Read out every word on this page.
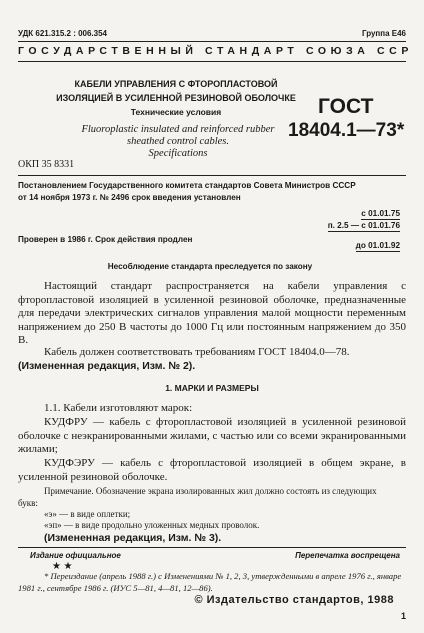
УДК 621.315.2 : 006.354	Группа Е46
ГОСУДАРСТВЕННЫЙ СТАНДАРТ СОЮЗА ССР
КАБЕЛИ УПРАВЛЕНИЯ С ФТОРОПЛАСТОВОЙ
ИЗОЛЯЦИЕЙ В УСИЛЕННОЙ РЕЗИНОВОЙ ОБОЛОЧКЕ
Технические условия
Fluoroplastic insulated and reinforced rubber
sheathed control cables.
Specifications
ОКП 35 8331
ГОСТ
18404.1—73*
Постановлением Государственного комитета стандартов Совета Министров СССР
от 14 ноября 1973 г. № 2496 срок введения установлен
с 01.01.75
п. 2.5 — с 01.01.76
Проверен в 1986 г. Срок действия продлен
до 01.01.92
Несоблюдение стандарта преследуется по закону
Настоящий стандарт распространяется на кабели управления с фторопластовой изоляцией в усиленной резиновой оболочке, предназначенные для передачи электрических сигналов управления малой мощности переменным напряжением до 250 В частоты до 1000 Гц или постоянным напряжением до 350 В.
Кабель должен соответствовать требованиям ГОСТ 18404.0—78.
(Измененная редакция, Изм. № 2).
1. МАРКИ И РАЗМЕРЫ
1.1. Кабели изготовляют марок:
КУДФРУ — кабель с фторопластовой изоляцией в усиленной резиновой оболочке с неэкранированными жилами, с частью или со всеми экранированными жилами;
КУДФЭРУ — кабель с фторопластовой изоляцией в общем экране, в усиленной резиновой оболочке.
Примечание. Обозначение экрана изолированных жил должно состоять из следующих букв:
«э» — в виде оплетки;
«эп» — в виде продольно уложенных медных проволок.
(Измененная редакция, Изм. № 3).
Издание официальное	Перепечатка воспрещена
★ ★
* Переиздание (апрель 1988 г.) с Изменениями № 1, 2, 3, утвержденными в апреле 1976 г., январе 1981 г., сентябре 1986 г. (ИУС 5—81, 4—81, 12—86).
© Издательство стандартов, 1988
1
